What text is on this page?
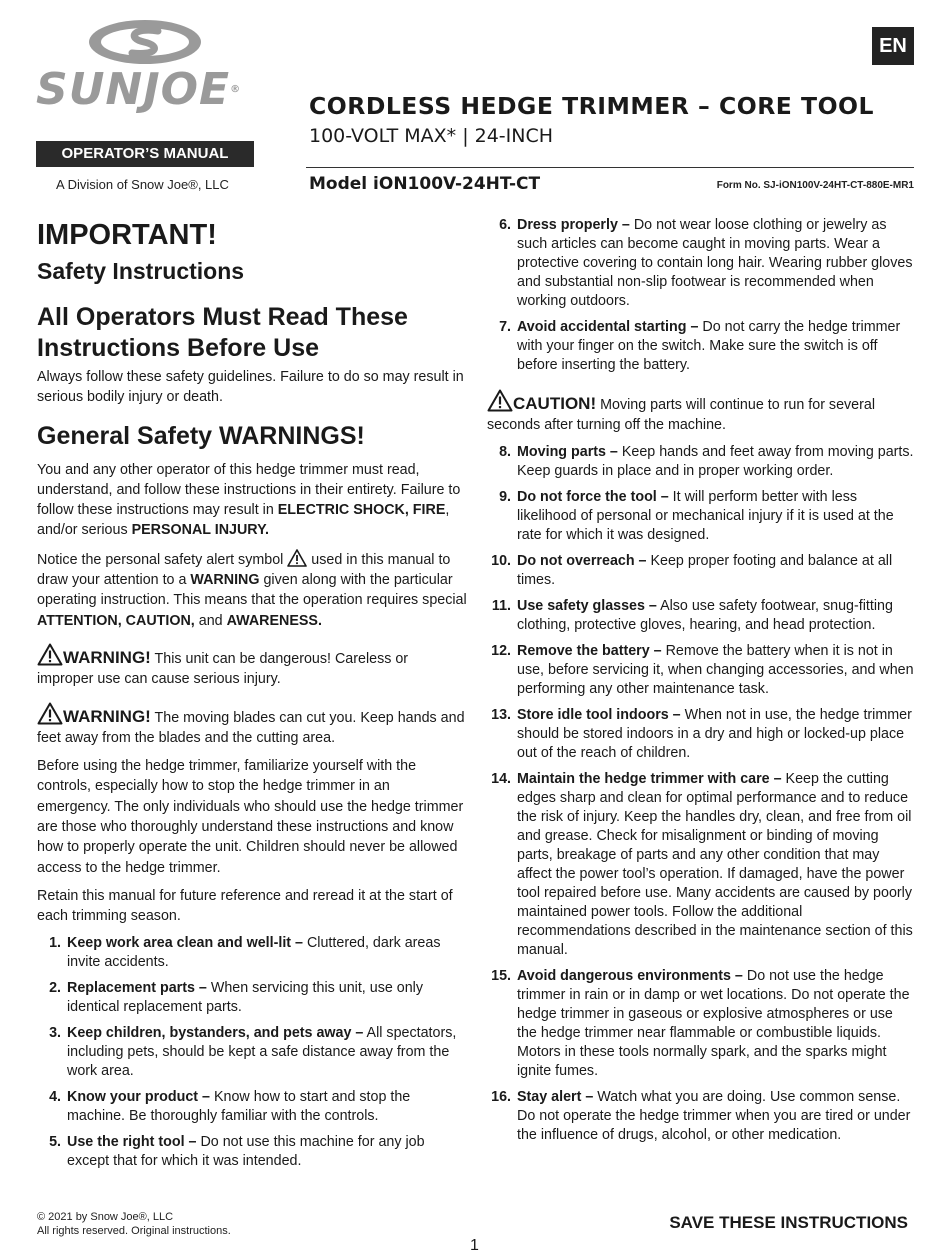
SUNJOE®
OPERATOR’S MANUAL
A Division of Snow Joe®, LLC
EN
CORDLESS HEDGE TRIMMER – CORE TOOL
100-VOLT MAX* | 24-INCH
Model iON100V-24HT-CT	Form No. SJ-iON100V-24HT-CT-880E-MR1
IMPORTANT!
Safety Instructions
All Operators Must Read These Instructions Before Use

Always follow these safety guidelines. Failure to do so may result in serious bodily injury or death.

General Safety WARNINGS!

You and any other operator of this hedge trimmer must read, understand, and follow these instructions in their entirety. Failure to follow these instructions may result in ELECTRIC SHOCK, FIRE, and/or serious PERSONAL INJURY.

Notice the personal safety alert symbol  used in this manual to draw your attention to a WARNING given along with the particular operating instruction. This means that the operation requires special ATTENTION, CAUTION, and AWARENESS.

WARNING! This unit can be dangerous! Careless or improper use can cause serious injury.

WARNING! The moving blades can cut you. Keep hands and feet away from the blades and the cutting area.

Before using the hedge trimmer, familiarize yourself with the controls, especially how to stop the hedge trimmer in an emergency. The only individuals who should use the hedge trimmer are those who thoroughly understand these instructions and know how to properly operate the unit. Children should never be allowed access to the hedge trimmer.

Retain this manual for future reference and reread it at the start of each trimming season.

1. Keep work area clean and well-lit – Cluttered, dark areas invite accidents.
2. Replacement parts – When servicing this unit, use only identical replacement parts.
3. Keep children, bystanders, and pets away – All spectators, including pets, should be kept a safe distance away from the work area.
4. Know your product – Know how to start and stop the machine. Be thoroughly familiar with the controls.
5. Use the right tool – Do not use this machine for any job except that for which it was intended.
6. Dress properly – Do not wear loose clothing or jewelry as such articles can become caught in moving parts. Wear a protective covering to contain long hair. Wearing rubber gloves and substantial non-slip footwear is recommended when working outdoors.
7. Avoid accidental starting – Do not carry the hedge trimmer with your finger on the switch. Make sure the switch is off before inserting the battery.

CAUTION! Moving parts will continue to run for several seconds after turning off the machine.

8. Moving parts – Keep hands and feet away from moving parts. Keep guards in place and in proper working order.
9. Do not force the tool – It will perform better with less likelihood of personal or mechanical injury if it is used at the rate for which it was designed.
10. Do not overreach – Keep proper footing and balance at all times.
11. Use safety glasses – Also use safety footwear, snug-fitting clothing, protective gloves, hearing, and head protection.
12. Remove the battery – Remove the battery when it is not in use, before servicing it, when changing accessories, and when performing any other maintenance task.
13. Store idle tool indoors – When not in use, the hedge trimmer should be stored indoors in a dry and high or locked-up place out of the reach of children.
14. Maintain the hedge trimmer with care – Keep the cutting edges sharp and clean for optimal performance and to reduce the risk of injury. Keep the handles dry, clean, and free from oil and grease. Check for misalignment or binding of moving parts, breakage of parts and any other condition that may affect the power tool’s operation. If damaged, have the power tool repaired before use. Many accidents are caused by poorly maintained power tools. Follow the additional recommendations described in the maintenance section of this manual.
15. Avoid dangerous environments – Do not use the hedge trimmer in rain or in damp or wet locations. Do not operate the hedge trimmer in gaseous or explosive atmospheres or use the hedge trimmer near flammable or combustible liquids. Motors in these tools normally spark, and the sparks might ignite fumes.
16. Stay alert – Watch what you are doing. Use common sense. Do not operate the hedge trimmer when you are tired or under the influence of drugs, alcohol, or other medication.
© 2021 by Snow Joe®, LLC
All rights reserved. Original instructions.	SAVE THESE INSTRUCTIONS
1
